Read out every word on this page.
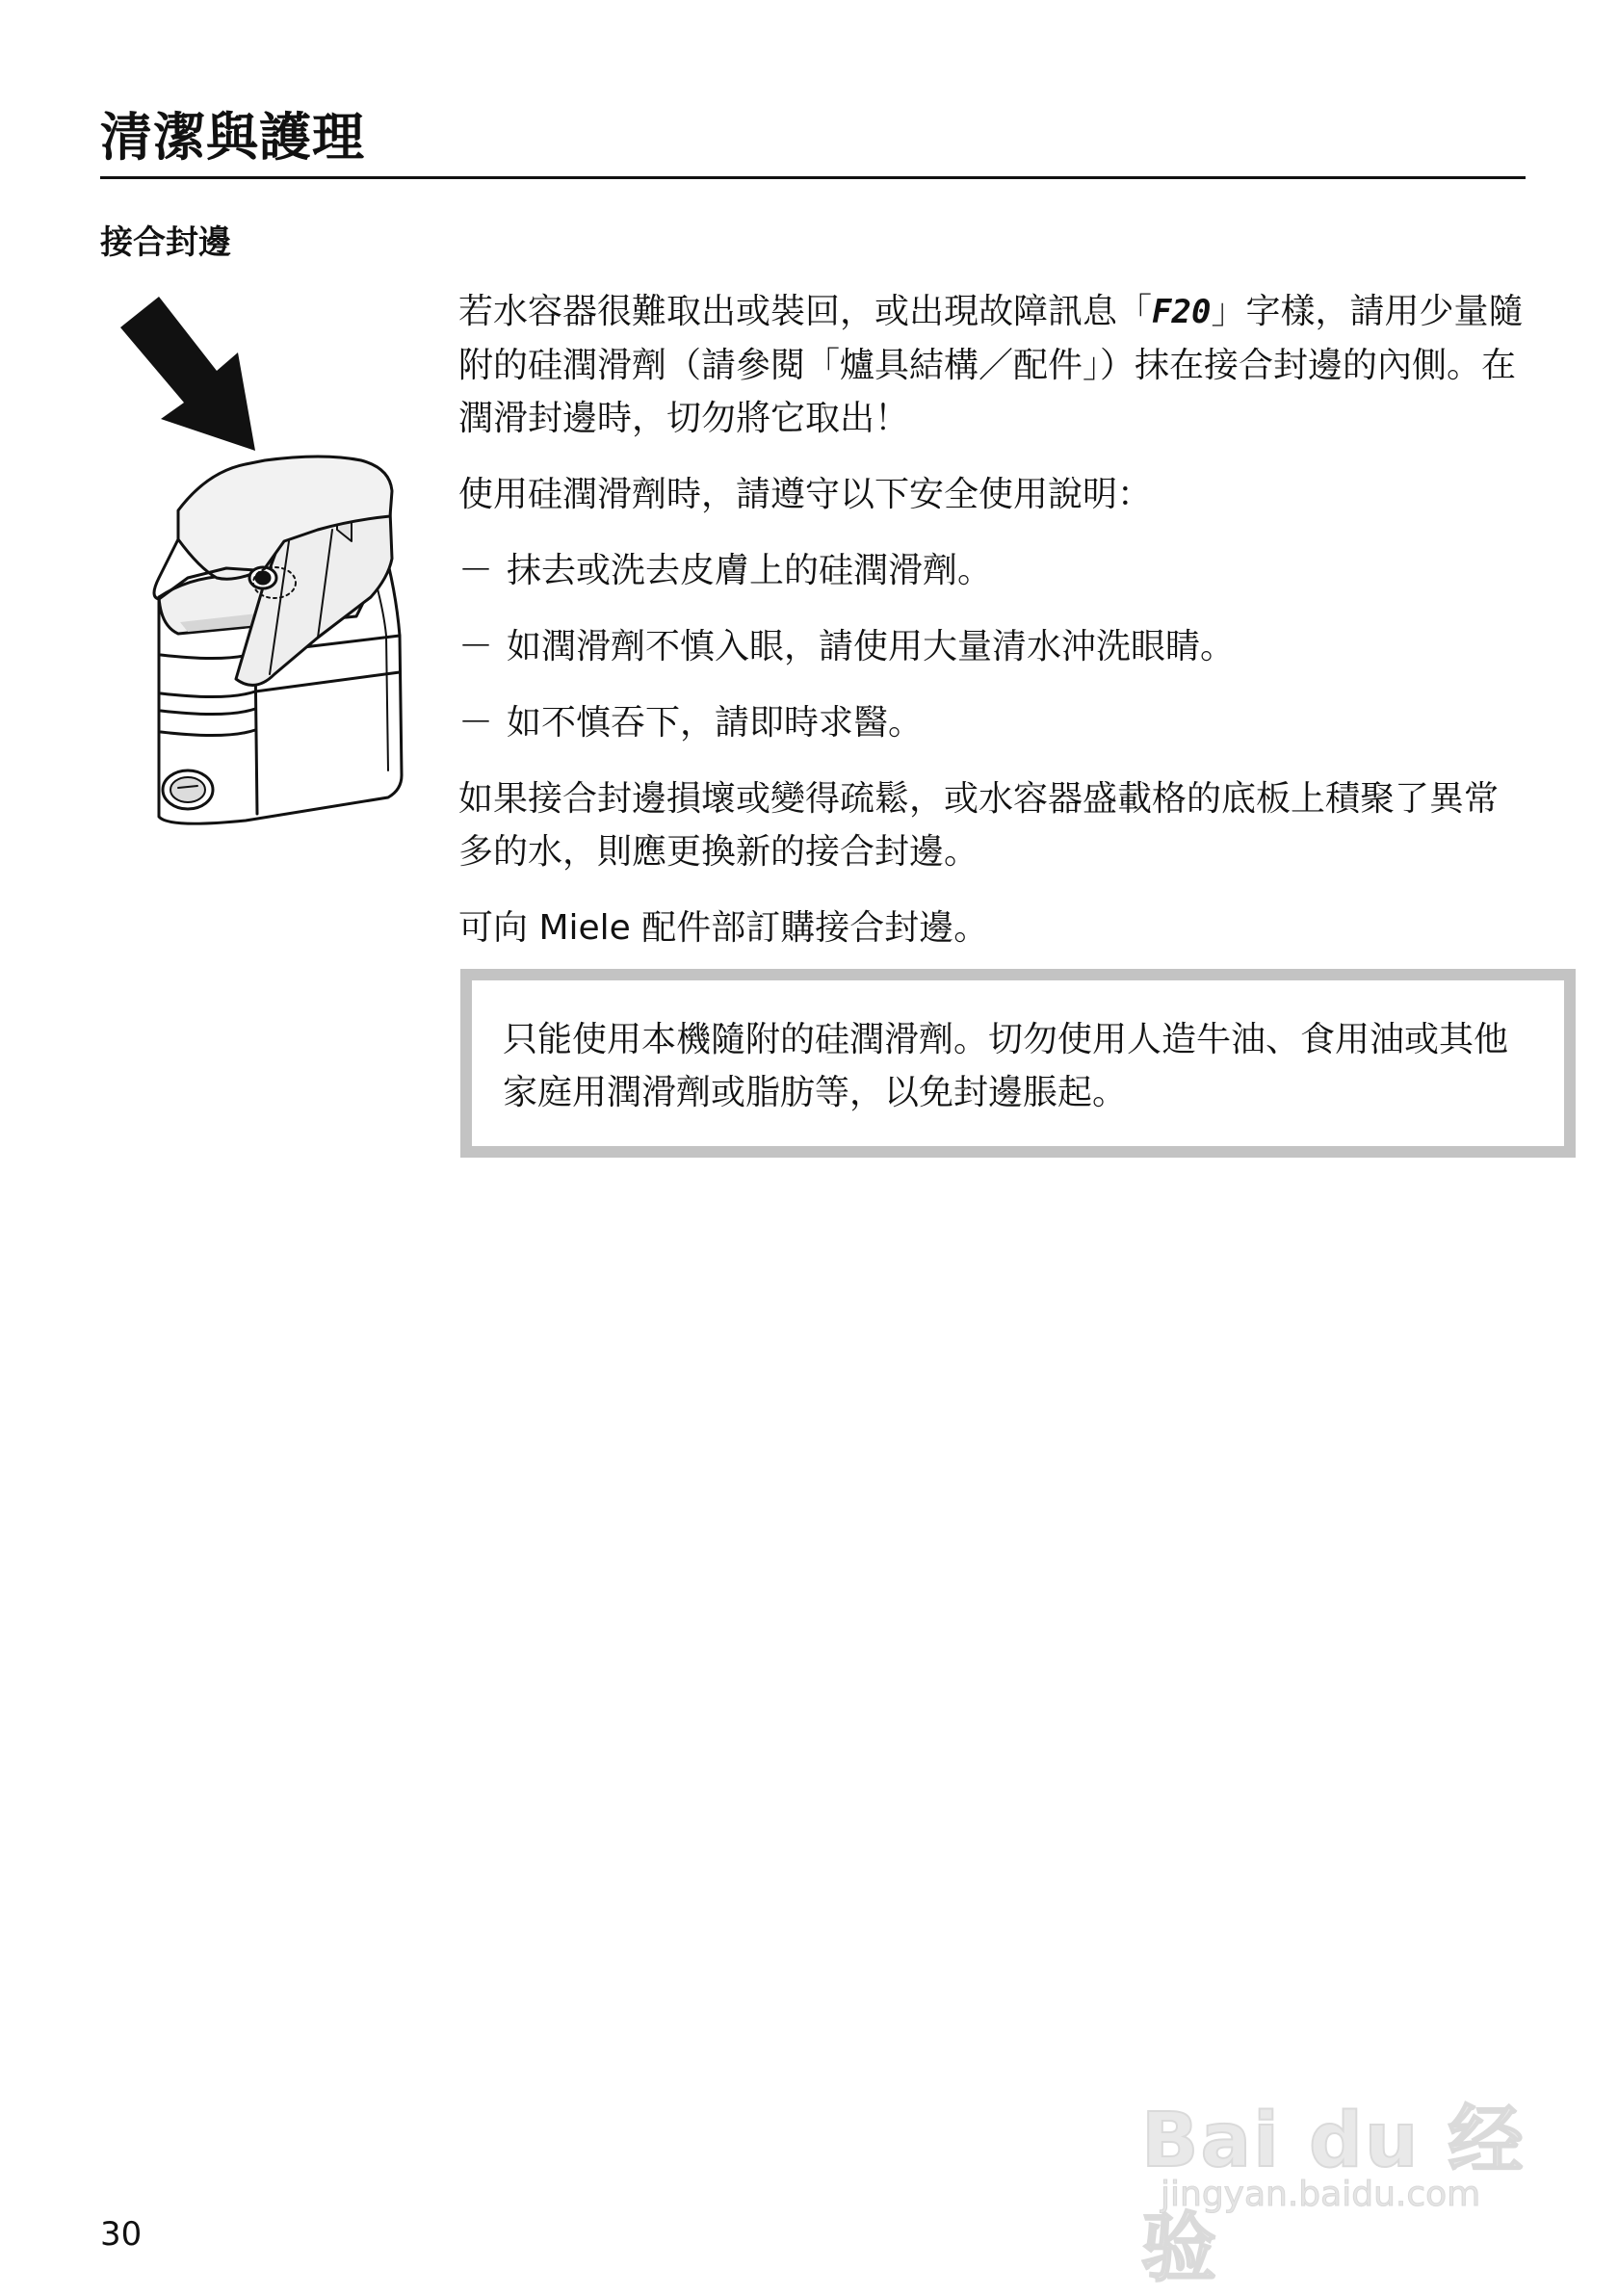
清潔與護理
接合封邊

若水容器很難取出或裝回，或出現故障訊息「F20」字樣，請用少量隨附的硅潤滑劑（請參閱「爐具結構／配件」）抹在接合封邊的內側。在潤滑封邊時，切勿將它取出！

使用硅潤滑劑時，請遵守以下安全使用說明：

－ 抹去或洗去皮膚上的硅潤滑劑。
－ 如潤滑劑不慎入眼，請使用大量清水沖洗眼睛。
－ 如不慎吞下，請即時求醫。

如果接合封邊損壞或變得疏鬆，或水容器盛載格的底板上積聚了異常多的水，則應更換新的接合封邊。

可向 Miele 配件部訂購接合封邊。

只能使用本機隨附的硅潤滑劑。切勿使用人造牛油、食用油或其他家庭用潤滑劑或脂肪等，以免封邊脹起。
30
Bai du 经验
jingyan.baidu.com
